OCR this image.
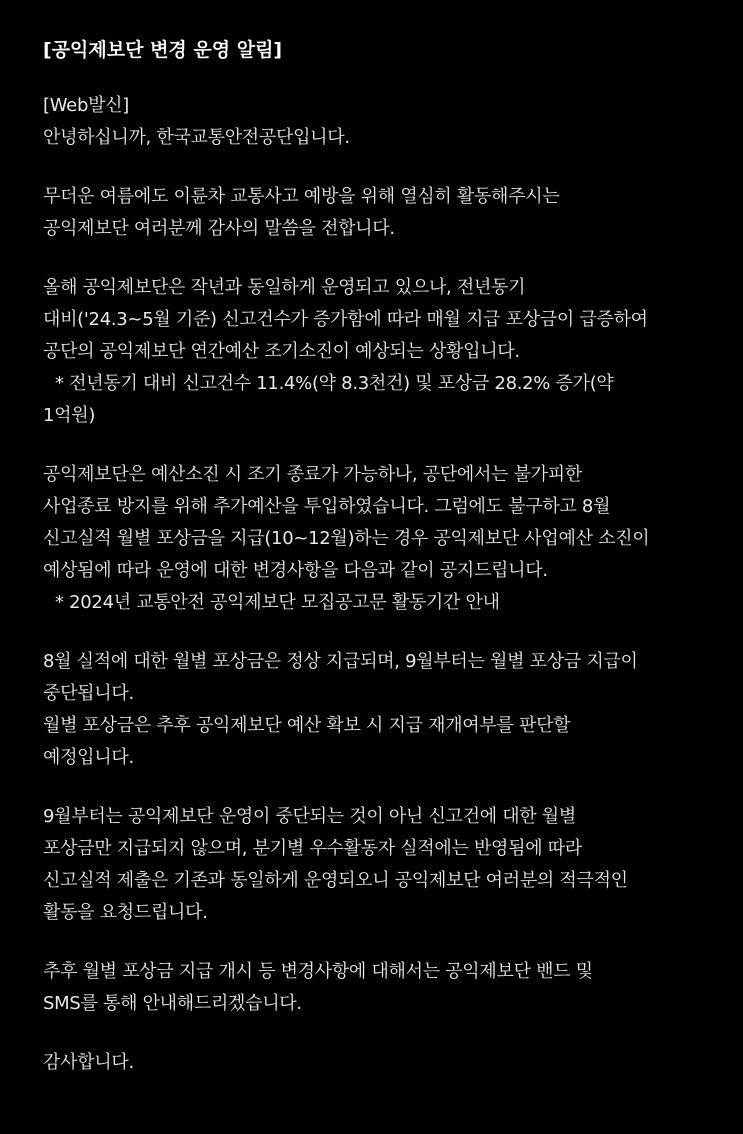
[공익제보단 변경 운영 알림]
[Web발신]
안녕하십니까, 한국교통안전공단입니다.
무더운 여름에도 이륜차 교통사고 예방을 위해 열심히 활동해주시는
공익제보단 여러분께 감사의 말씀을 전합니다.
올해 공익제보단은 작년과 동일하게 운영되고 있으나, 전년동기
대비('24.3~5월 기준) 신고건수가 증가함에 따라 매월 지급 포상금이 급증하여
공단의 공익제보단 연간예산 조기소진이 예상되는 상황입니다.
* 전년동기 대비 신고건수 11.4%(약 8.3천건) 및 포상금 28.2% 증가(약
1억원)
공익제보단은 예산소진 시 조기 종료가 가능하나, 공단에서는 불가피한
사업종료 방지를 위해 추가예산을 투입하였습니다. 그럼에도 불구하고 8월
신고실적 월별 포상금을 지급(10~12월)하는 경우 공익제보단 사업예산 소진이
예상됨에 따라 운영에 대한 변경사항을 다음과 같이 공지드립니다.
* 2024년 교통안전 공익제보단 모집공고문 활동기간 안내
8월 실적에 대한 월별 포상금은 정상 지급되며, 9월부터는 월별 포상금 지급이
중단됩니다.
월별 포상금은 추후 공익제보단 예산 확보 시 지급 재개여부를 판단할
예정입니다.
9월부터는 공익제보단 운영이 중단되는 것이 아닌 신고건에 대한 월별
포상금만 지급되지 않으며, 분기별 우수활동자 실적에는 반영됨에 따라
신고실적 제출은 기존과 동일하게 운영되오니 공익제보단 여러분의 적극적인
활동을 요청드립니다.
추후 월별 포상금 지급 개시 등 변경사항에 대해서는 공익제보단 밴드 및
SMS를 통해 안내해드리겠습니다.
감사합니다.
